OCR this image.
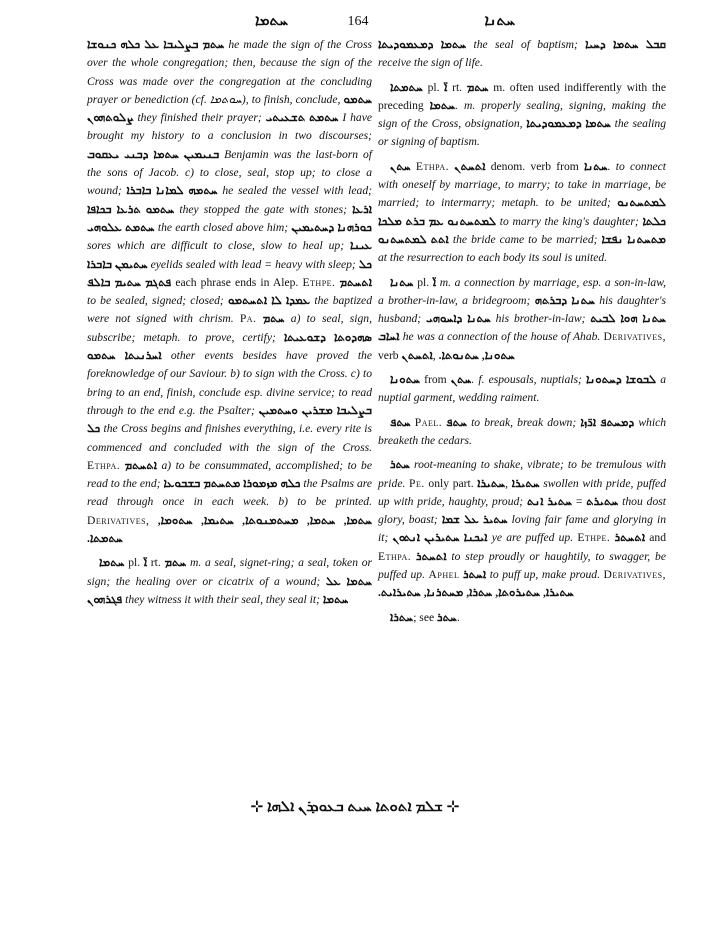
ܚܬܡܐ	164	ܚܬܢܐ

ܚܬܡ ܒܨܠܝܒܐ ܥܠ ܟܠܗ ܟܢܘܫܐ he made the sign of the Cross over the whole congregation; then, because the sign of the Cross was made over the congregation at the concluding prayer or benediction (cf. ܚܘܬܡܐ), to finish, conclude, ܚܬܡܘ ܨܠܘܬܗܘܢ they finished their prayer; ܚܬܡܬ ܬܫܥܝܬܝ I have brought my history to a conclusion in two discourses; ܒܢܝܡܝܢ ܚܬܡܐ ܕܒܢܝ ܝܥܩܘܒ Benjamin was the last-born of the sons of Jacob. c) to close, seal, stop up; to close a wound; ܚܬܡܗ ܠܡܐܢܐ ܒܐܒܪܐ he sealed the vessel with lead; ܚܬܡܘ ܬܪܥܐ ܒܟܐܦܐ they stopped the gate with stones; ܐܪܥܐ ܚܬܡܬ ܥܠܘܗܝ the earth closed above him; ܟܘܪܗܢܐ ܕܚܬܝܡܝܢ sores which are difficult to close, slow to heal up; ܥܝܢܐ ܚܬܝܡܢ ܒܐܒܪܐ eyelids sealed with lead = heavy with sleep; ܟܠ ܦܬܓܡ ܚܬܝܡ ܒܐܠܦ each phrase ends in Alep. Ethpe. ܐܬܚܬܡ to be sealed, signed; closed; ܥܡܕܐ ܠܐ ܐܬܚܬܡܘ the baptized were not signed with chrism. Pa. ܚܬܡ a) to seal, sign, subscribe; metaph. to prove, certify; ܣܗܕܘܬܐ ܕܫܘܥܝܬܐ ܐܚܪܢܝܬܐ ܚܬܡܘ other events besides have proved the foreknowledge of our Saviour. b) to sign with the Cross. c) to bring to an end, finish, conclude esp. divine service; to read through to the end e.g. the Psalter; ܒܨܠܝܒܐ ܡܫܪܝܢ ܘܚܬܡܝܢ ܟܠ the Cross begins and finishes everything, i.e. every rite is commenced and concluded with the sign of the Cross. Ethpa. ܐܬܚܬܡ a) to be consummated, accomplished; to be read to the end; ܟܠܗ ܡܙܡܘܪܐ ܡܬܚܬܡ ܒܫܒܘܥܐ the Psalms are read through once in each week. b) to be printed. Derivatives, ܚܬܡܐ, ܚܬܡܐ, ܡܚܬܡܢܘܬܐ, ܚܬܝܡܐ, ܚܬܘܡܐ, ܚܬܡܬܐ.

ܚܬܡܐ pl. ܐ̈ rt. ܚܬܡ m. a seal, signet-ring; a seal, token or sign; the healing over or cicatrix of a wound; ܚܬܡܐ ܥܠ ܦܓܪܗܘܢ they witness it with their seal, they seal it; ܚܬܡܐ

ܚܬܡܐ ܕܡܥܡܘܕܝܬܐ the seal of baptism; ܩܒܠ ܚܬܡܐ ܕܚܝܐ receive the sign of life.

ܚܬܡܬܐ pl. ܐ̈ rt. ܚܬܡ m. often used indifferently with the preceding ܚܬܡܐ. m. properly sealing, signing, making the sign of the Cross, obsignation, ܚܬܡܐ ܕܡܥܡܘܕܝܬܐ the sealing or signing of baptism.

ܚܬܢ Ethpa. ܐܬܚܬܢ denom. verb from ܚܬܢܐ. to connect with oneself by marriage, to marry; to take in marriage, be married; to intermarry; metaph. to be united; ܠܡܬܚܬܢܘ ܠܡܬܚܬܢܘ ܥܡ ܒܪܬ ܡܠܟܐ to marry the king's daughter; ܟܠܬܐ ܐܬܬ ܠܡܬܚܬܢܘ the bride came to be married; ܡܬܚܬܢܐ ܢܦܫܐ at the resurrection to each body its soul is united.

ܚܬܢܐ pl. ܐ̈ m. a connection by marriage, esp. a son-in-law, a brother-in-law, a bridegroom; ܚܬܢܐ ܕܒܪܬܗ his daughter's husband; ܚܬܢܐ ܕܐܚܘܗܝ his brother-in-law; ܚܬܢܐ ܗܘܐ ܠܒܝܬ ܐܚܐܒ he was a connection of the house of Ahab. Derivatives, verb ܐܬܚܬܢ, ܚܬܘܢܐ, ܚܬܢܘܬܐ.

ܚܬܘܢܐ from ܚܬܢ. f. espousals, nuptials; ܠܒܘܫܐ ܕܚܬܘܢܐ a nuptial garment, wedding raiment.

ܚܬܦ Pael. ܚܬܦ to break, break down; ܕܡܚܬܦ ܐܪ̈ܙܐ which breaketh the cedars.

ܚܬܪ root-meaning to shake, vibrate; to be tremulous with pride. Pe. only part. ܚܬܝܪܐ, ܚܬܝܪܐ swollen with pride, puffed up with pride, haughty, proud; ܚܬܝܪ ܐܢܬ = ܚܬܝܪܬ thou dost glory, boast; ܚܬܝܪ ܥܠ ܫܡܐ loving fair fame and glorying in it; ܐܝܟܢܐ ܚܬܝܪܝܢ ܐܢܬܘܢ ye are puffed up. Ethpe. ܐܬܚܬܪ and Ethpa. ܐܬܚܬܪ to step proudly or haughtily, to swagger, be puffed up. Aphel ܐܚܬܪ to puff up, make proud. Derivatives, ܚܬܝܪܐ, ܚܬܝܪܘܬܐ, ܚܬܪܐ, ܡܚܬܪܢܐ, ܚܬܝܪܐܝܬ.

ܚܬܪܐ; see ܚܬܪ.

⊹ ܫܠܡ ܐܬܘܬܐ ܚܝܬ ܒܥܘܕܪܢ ܐܠܗܐ ⊹
